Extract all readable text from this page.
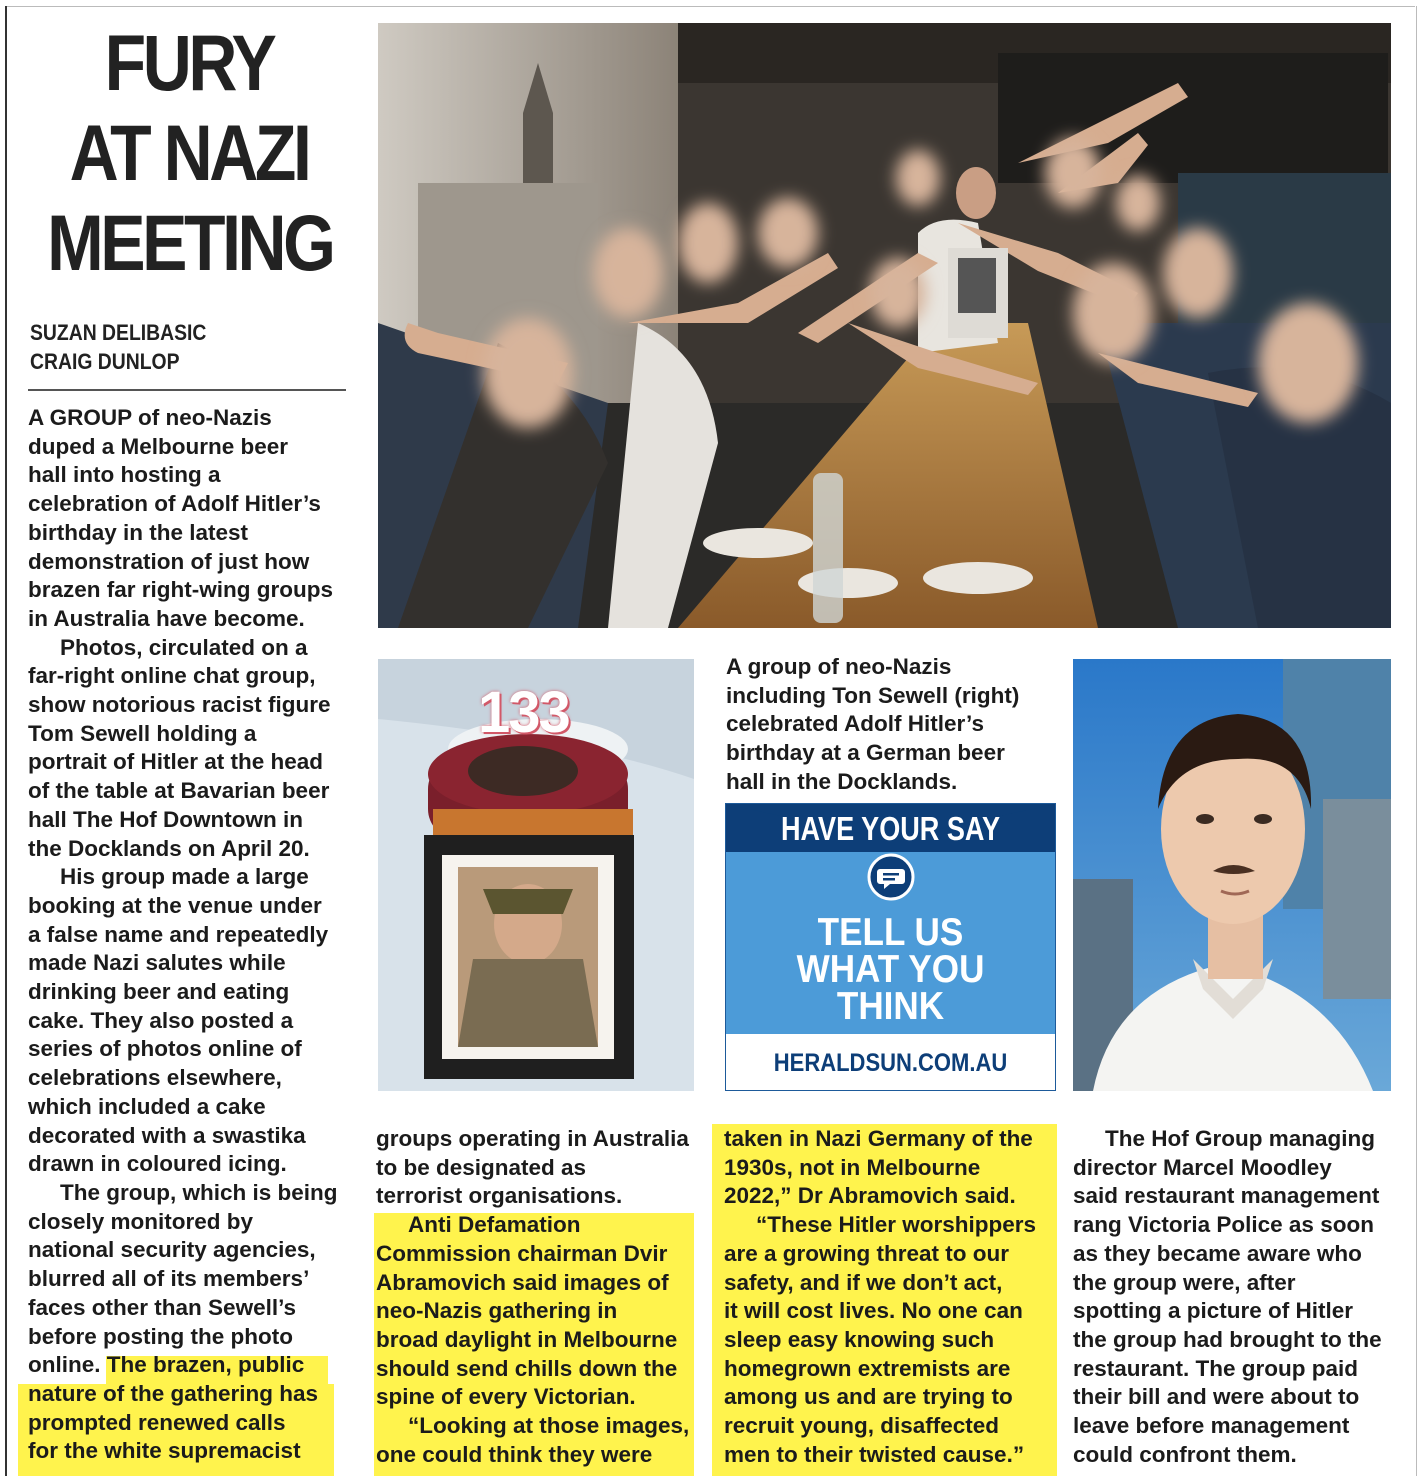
FURY
AT NAZI
MEETING
SUZAN DELIBASIC
CRAIG DUNLOP

A GROUP of neo-Nazis

duped a Melbourne beer

hall into hosting a

celebration of Adolf Hitler’s

birthday in the latest

demonstration of just how

brazen far right-wing groups

in Australia have become.

Photos, circulated on a

far-right online chat group,

show notorious racist figure

Tom Sewell holding a

portrait of Hitler at the head

of the table at Bavarian beer

hall The Hof Downtown in

the Docklands on April 20.

His group made a large

booking at the venue under

a false name and repeatedly

made Nazi salutes while

drinking beer and eating

cake. They also posted a

series of photos online of

celebrations elsewhere,

which included a cake

decorated with a swastika

drawn in coloured icing.

The group, which is being

closely monitored by

national security agencies,

blurred all of its members’

faces other than Sewell’s

before posting the photo

online. The brazen, public

nature of the gathering has

prompted renewed calls

for the white supremacist

groups operating in Australia

to be designated as

terrorist organisations.

Anti Defamation

Commission chairman Dvir

Abramovich said images of

neo-Nazis gathering in

broad daylight in Melbourne

should send chills down the

spine of every Victorian.

“Looking at those images,

one could think they were

taken in Nazi Germany of the

1930s, not in Melbourne

2022,” Dr Abramovich said.

“These Hitler worshippers

are a growing threat to our

safety, and if we don’t act,

it will cost lives. No one can

sleep easy knowing such

homegrown extremists are

among us and are trying to

recruit young, disaffected

men to their twisted cause.”

The Hof Group managing

director Marcel Moodley

said restaurant management

rang Victoria Police as soon

as they became aware who

the group were, after

spotting a picture of Hitler

the group had brought to the

restaurant. The group paid

their bill and were about to

leave before management

could confront them.

133

A group of neo-Nazis

including Ton Sewell (right)

celebrated Adolf Hitler’s

birthday at a German beer

hall in the Docklands.

HAVE YOUR SAY
TELL US
WHAT YOU
THINK
HERALDSUN.COM.AU
